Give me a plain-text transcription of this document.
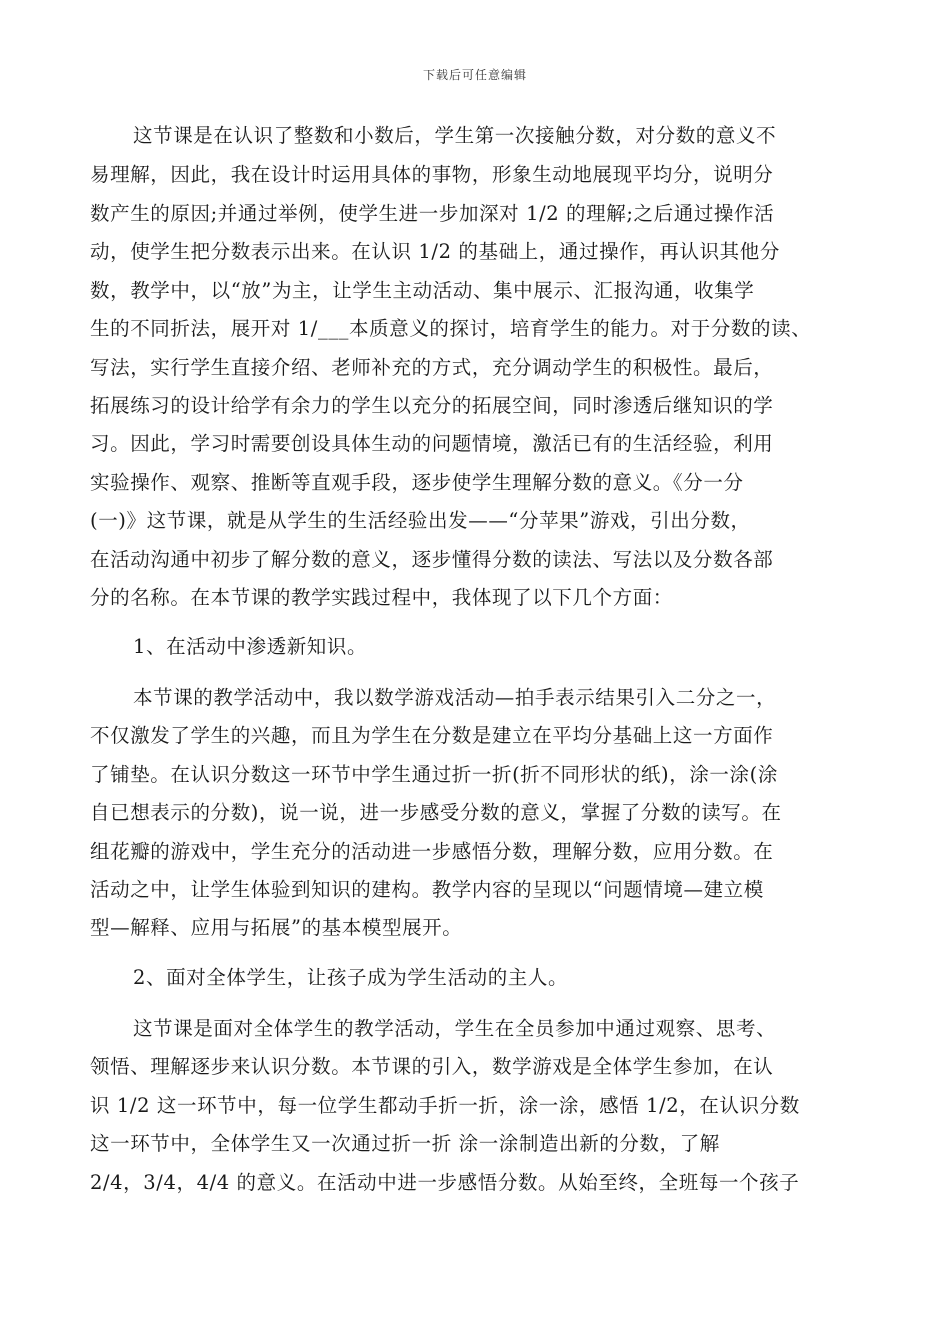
下载后可任意编辑
这节课是在认识了整数和小数后，学生第一次接触分数，对分数的意义不
易理解，因此，我在设计时运用具体的事物，形象生动地展现平均分，说明分
数产生的原因;并通过举例，使学生进一步加深对 1/2 的理解;之后通过操作活
动，使学生把分数表示出来。在认识 1/2 的基础上，通过操作，再认识其他分
数，教学中，以“放”为主，让学生主动活动、集中展示、汇报沟通，收集学
生的不同折法，展开对 1/___本质意义的探讨，培育学生的能力。对于分数的读、
写法，实行学生直接介绍、老师补充的方式，充分调动学生的积极性。最后，
拓展练习的设计给学有余力的学生以充分的拓展空间，同时渗透后继知识的学
习。因此，学习时需要创设具体生动的问题情境，激活已有的生活经验，利用
实验操作、观察、推断等直观手段，逐步使学生理解分数的意义。《分一分
(一)》这节课，就是从学生的生活经验出发——“分苹果”游戏，引出分数，
在活动沟通中初步了解分数的意义，逐步懂得分数的读法、写法以及分数各部
分的名称。在本节课的教学实践过程中，我体现了以下几个方面：
1、在活动中渗透新知识。
本节课的教学活动中，我以数学游戏活动—拍手表示结果引入二分之一，
不仅激发了学生的兴趣，而且为学生在分数是建立在平均分基础上这一方面作
了铺垫。在认识分数这一环节中学生通过折一折(折不同形状的纸)，涂一涂(涂
自已想表示的分数)，说一说，进一步感受分数的意义，掌握了分数的读写。在
组花瓣的游戏中，学生充分的活动进一步感悟分数，理解分数，应用分数。在
活动之中，让学生体验到知识的建构。教学内容的呈现以“问题情境—建立模
型—解释、应用与拓展”的基本模型展开。
2、面对全体学生，让孩子成为学生活动的主人。
这节课是面对全体学生的教学活动，学生在全员参加中通过观察、思考、
领悟、理解逐步来认识分数。本节课的引入，数学游戏是全体学生参加，在认
识 1/2 这一环节中，每一位学生都动手折一折，涂一涂，感悟 1/2，在认识分数
这一环节中，全体学生又一次通过折一折 涂一涂制造出新的分数，了解
2/4，3/4，4/4 的意义。在活动中进一步感悟分数。从始至终，全班每一个孩子
